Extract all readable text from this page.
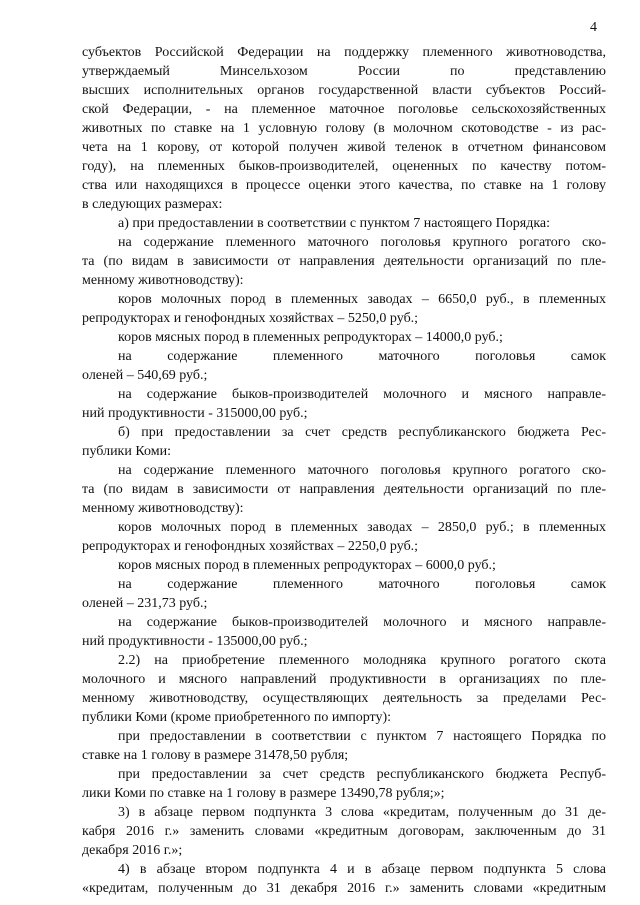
4
субъектов Российской Федерации на поддержку племенного животноводства,
утверждаемый Минсельхозом России по представлению
высших исполнительных органов государственной власти субъектов Россий-
ской Федерации, - на племенное маточное поголовье сельскохозяйственных
животных по ставке на 1 условную голову (в молочном скотоводстве - из рас-
чета на 1 корову, от которой получен живой теленок в отчетном финансовом
году), на племенных быков-производителей, оцененных по качеству потом-
ства или находящихся в процессе оценки этого качества, по ставке на 1 голову
в следующих размерах:
а) при предоставлении в соответствии с пунктом 7 настоящего Порядка:
на содержание племенного маточного поголовья крупного рогатого ско-
та (по видам в зависимости от направления деятельности организаций по пле-
менному животноводству):
коров молочных пород в племенных заводах – 6650,0 руб., в племенных
репродукторах и генофондных хозяйствах – 5250,0 руб.;
коров мясных пород в племенных репродукторах – 14000,0 руб.;
на содержание племенного маточного поголовья самок
оленей – 540,69 руб.;
на содержание быков-производителей молочного и мясного направле-
ний продуктивности - 315000,00 руб.;
б) при предоставлении за счет средств республиканского бюджета Рес-
публики Коми:
на содержание племенного маточного поголовья крупного рогатого ско-
та (по видам в зависимости от направления деятельности организаций по пле-
менному животноводству):
коров молочных пород в племенных заводах – 2850,0 руб.; в племенных
репродукторах и генофондных хозяйствах – 2250,0 руб.;
коров мясных пород в племенных репродукторах – 6000,0 руб.;
на содержание племенного маточного поголовья самок
оленей – 231,73 руб.;
на содержание быков-производителей молочного и мясного направле-
ний продуктивности - 135000,00 руб.;
2.2) на приобретение племенного молодняка крупного рогатого скота
молочного и мясного направлений продуктивности в организациях по пле-
менному животноводству, осуществляющих деятельность за пределами Рес-
публики Коми (кроме приобретенного по импорту):
при предоставлении в соответствии с пунктом 7 настоящего Порядка по
ставке на 1 голову в размере 31478,50 рубля;
при предоставлении за счет средств республиканского бюджета Респуб-
лики Коми по ставке на 1 голову в размере 13490,78 рубля;»;
3) в абзаце первом подпункта 3 слова «кредитам, полученным до 31 де-
кабря 2016 г.» заменить словами «кредитным договорам, заключенным до 31
декабря 2016 г.»;
4) в абзаце втором подпункта 4 и в абзаце первом подпункта 5 слова
«кредитам, полученным до 31 декабря 2016 г.» заменить словами «кредитным
